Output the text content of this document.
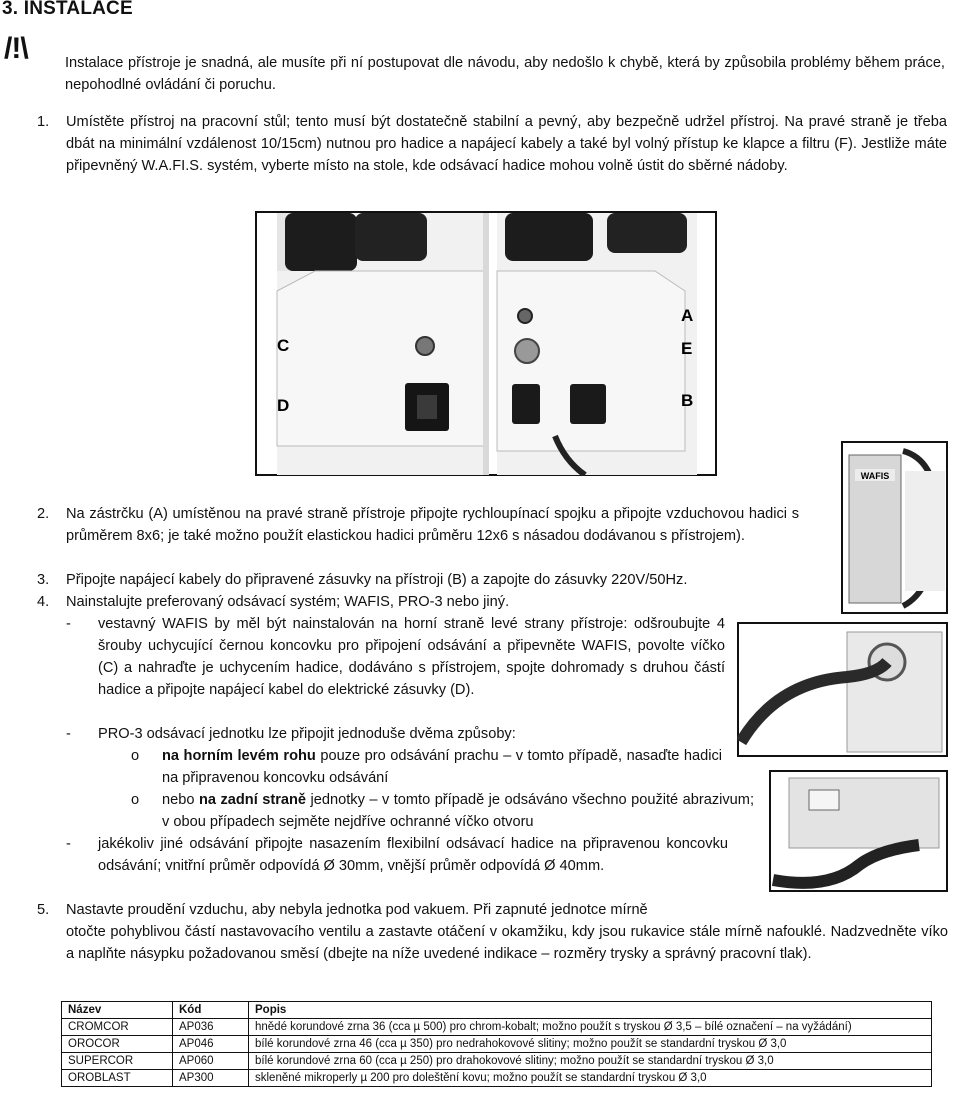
3. INSTALACE
/!\	Instalace přístroje je snadná, ale musíte při ní postupovat dle návodu, aby nedošlo k chybě, která by způsobila problémy během práce, nepohodlné ovládání či poruchu.
1. Umístěte přístroj na pracovní stůl; tento musí být dostatečně stabilní a pevný, aby bezpečně udržel přístroj. Na pravé straně je třeba dbát na minimální vzdálenost 10/15cm) nutnou pro hadice a napájecí kabely a také byl volný přístup ke klapce a filtru (F). Jestliže máte připevněný W.A.FI.S. systém, vyberte místo na stole, kde odsávací hadice mohou volně ústit do sběrné nádoby.
C
D
A
E
B
WAFIS
2. Na zástrčku (A) umístěnou na pravé straně přístroje připojte rychloupínací spojku a připojte vzduchovou hadici s průměrem 8x6; je také možno použít elastickou hadici průměru 12x6 s násadou dodávanou s přístrojem).
3. Připojte napájecí kabely do připravené zásuvky na přístroji (B) a zapojte do zásuvky 220V/50Hz.
4. Nainstalujte preferovaný odsávací systém; WAFIS, PRO-3 nebo jiný.
- vestavný WAFIS by měl být nainstalován na horní straně levé strany přístroje: odšroubujte 4 šrouby uchycující černou koncovku pro připojení odsávání a připevněte WAFIS, povolte víčko (C) a nahraďte je uchycením hadice, dodáváno s přístrojem, spojte dohromady s druhou částí hadice a připojte napájecí kabel do elektrické zásuvky (D).
- PRO-3 odsávací jednotku lze připojit jednoduše dvěma způsoby:
o na horním levém rohu pouze pro odsávání prachu – v tomto případě, nasaďte hadici na připravenou koncovku odsávání
o nebo na zadní straně jednotky – v tomto případě je odsáváno všechno použité abrazivum; v obou případech sejměte nejdříve ochranné víčko otvoru
- jakékoliv jiné odsávání připojte nasazením flexibilní odsávací hadice na připravenou koncovku odsávání; vnitřní průměr odpovídá Ø 30mm, vnější průměr odpovídá Ø 40mm.
5. Nastavte proudění vzduchu, aby nebyla jednotka pod vakuem. Při zapnuté jednotce mírně
otočte pohyblivou částí nastavovacího ventilu a zastavte otáčení v okamžiku, kdy jsou rukavice stále mírně nafouklé. Nadzvedněte víko a naplňte násypku požadovanou směsí (dbejte na níže uvedené indikace – rozměry trysky a správný pracovní tlak).
Název	Kód	Popis
CROMCOR	AP036	hnědé korundové zrna 36 (cca µ 500) pro chrom-kobalt; možno použít s tryskou Ø 3,5 – bílé označení – na vyžádání)
OROCOR	AP046	bílé korundové zrna 46 (cca µ 350) pro nedrahokovové slitiny; možno použít se standardní tryskou Ø 3,0
SUPERCOR	AP060	bílé korundové zrna 60 (cca µ 250) pro drahokovové slitiny; možno použít se standardní tryskou Ø 3,0
OROBLAST	AP300	skleněné mikroperly µ 200 pro doleštění kovu; možno použít se standardní tryskou Ø 3,0
